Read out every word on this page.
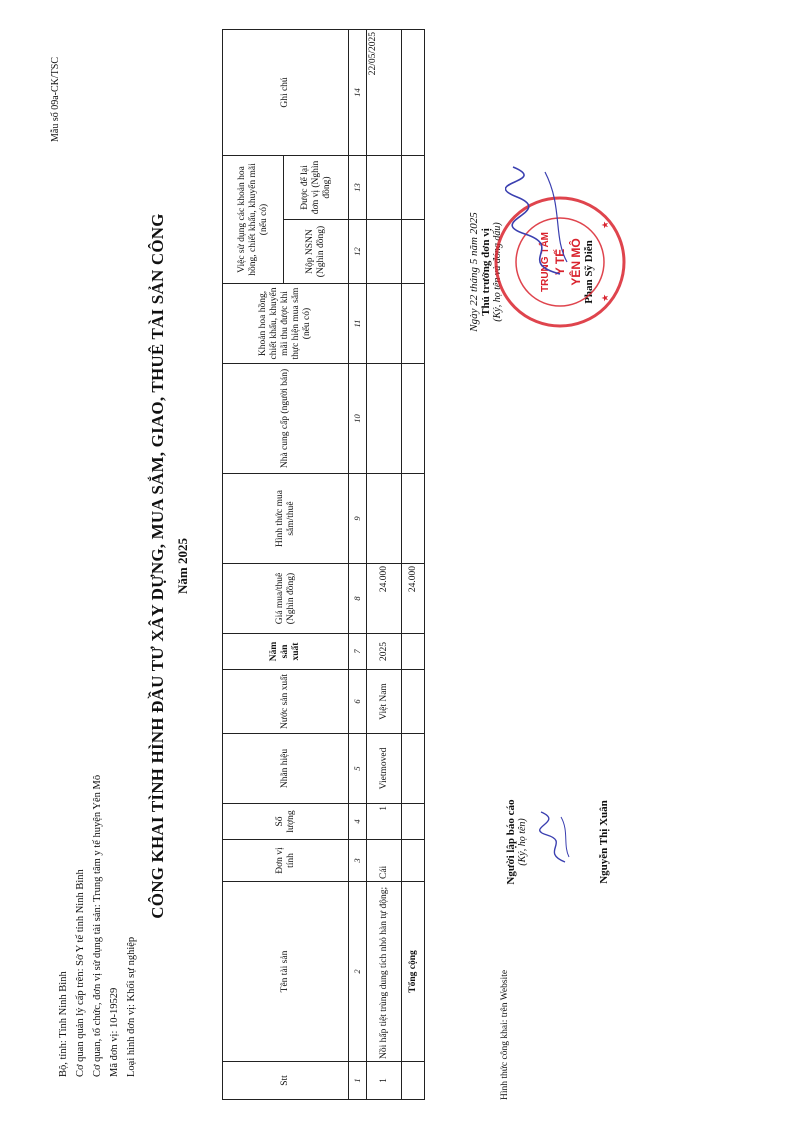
Mẫu số 09a-CK/TSC
Bộ, tỉnh: Tỉnh Ninh Bình Cơ quan quản lý cấp trên: Sở Y tế tỉnh Ninh Bình Cơ quan, tổ chức, đơn vị sử dụng tài sản: Trung tâm y tế huyện Yên Mô Mã đơn vị: 10-19529 Loại hình đơn vị: Khối sự nghiệp
CÔNG KHAI TÌNH HÌNH ĐẦU TƯ XÂY DỰNG, MUA SẮM, GIAO, THUÊ TÀI SẢN CÔNG Năm 2025
Stt	Tên tài sản	Đơn vị tính	Số lượng	Nhãn hiệu	Nước sản xuất	Năm sản xuất	Giá mua/thuê (Nghìn đồng)	Hình thức mua sắm/thuê	Nhà cung cấp (người bán)	Khoản hoa hồng, chiết khấu, khuyến mãi thu được khi thực hiện mua sắm (nếu có)	Việc sử dụng các khoản hoa hồng, chiết khấu, khuyến mãi (nếu có)		Ghi chú
											Nộp NSNN (Nghìn đồng)	Được để lại đơn vị (Nghìn đồng)	
1	2	3	4	5	6	7	8	9	10	11	12	13	14
1	Nồi hấp tiệt trùng dung tích nhỏ hàn tự động;	Cái	1	Vietmoved	Việt Nam	2025	24.000						22/05/2025
	Tổng cộng						24.000						
Hình thức công khai: trên Website
Người lập báo cáo (Ký, họ tên)	Nguyễn Thị Xuân
Ngày 22 tháng 5 năm 2025 Thủ trưởng đơn vị (Ký, họ tên và đóng dấu)	Phan Sỹ Diễn
TRUNG TÂM Y TẾ YÊN MÔ
★
★
